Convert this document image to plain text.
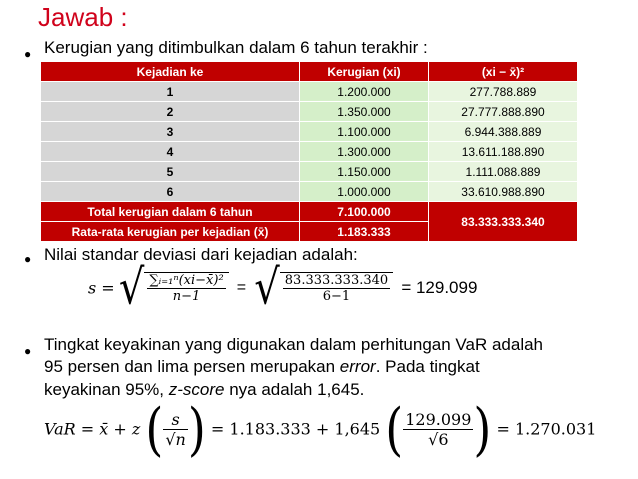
Jawab :
● Kerugian yang ditimbulkan dalam 6 tahun terakhir :
Kejadian ke	Kerugian (xi)	(xi − x̄)²
1	1.200.000	277.788.889
2	1.350.000	27.777.888.890
3	1.100.000	6.944.388.889
4	1.300.000	13.611.188.890
5	1.150.000	1.111.088.889
6	1.000.000	33.610.988.890
Total kerugian dalam 6 tahun	7.100.000	83.333.333.340
Rata-rata kerugian per kejadian (x̄)	1.183.333	
● Nilai standar deviasi dari kejadian adalah:
s = √ $\frac{\text{∑ᵢ₌₁ⁿ(xi−x̄)²}}{n-1}$ = √ $\frac{83.333.333.340}{6-1} = 129.099$
● Tingkat keyakinan yang digunakan dalam perhitungan VaR adalah
95 persen dan lima persen merupakan error. Pada tingkat
keyakinan 95%, z-score nya adalah 1,645.
VaR = x̄ + z ( $\frac{s}{√n}$ ) = 1.183.333 + 1,645 ( $\frac{129.099}{√6}$ ) = 1.270.031
